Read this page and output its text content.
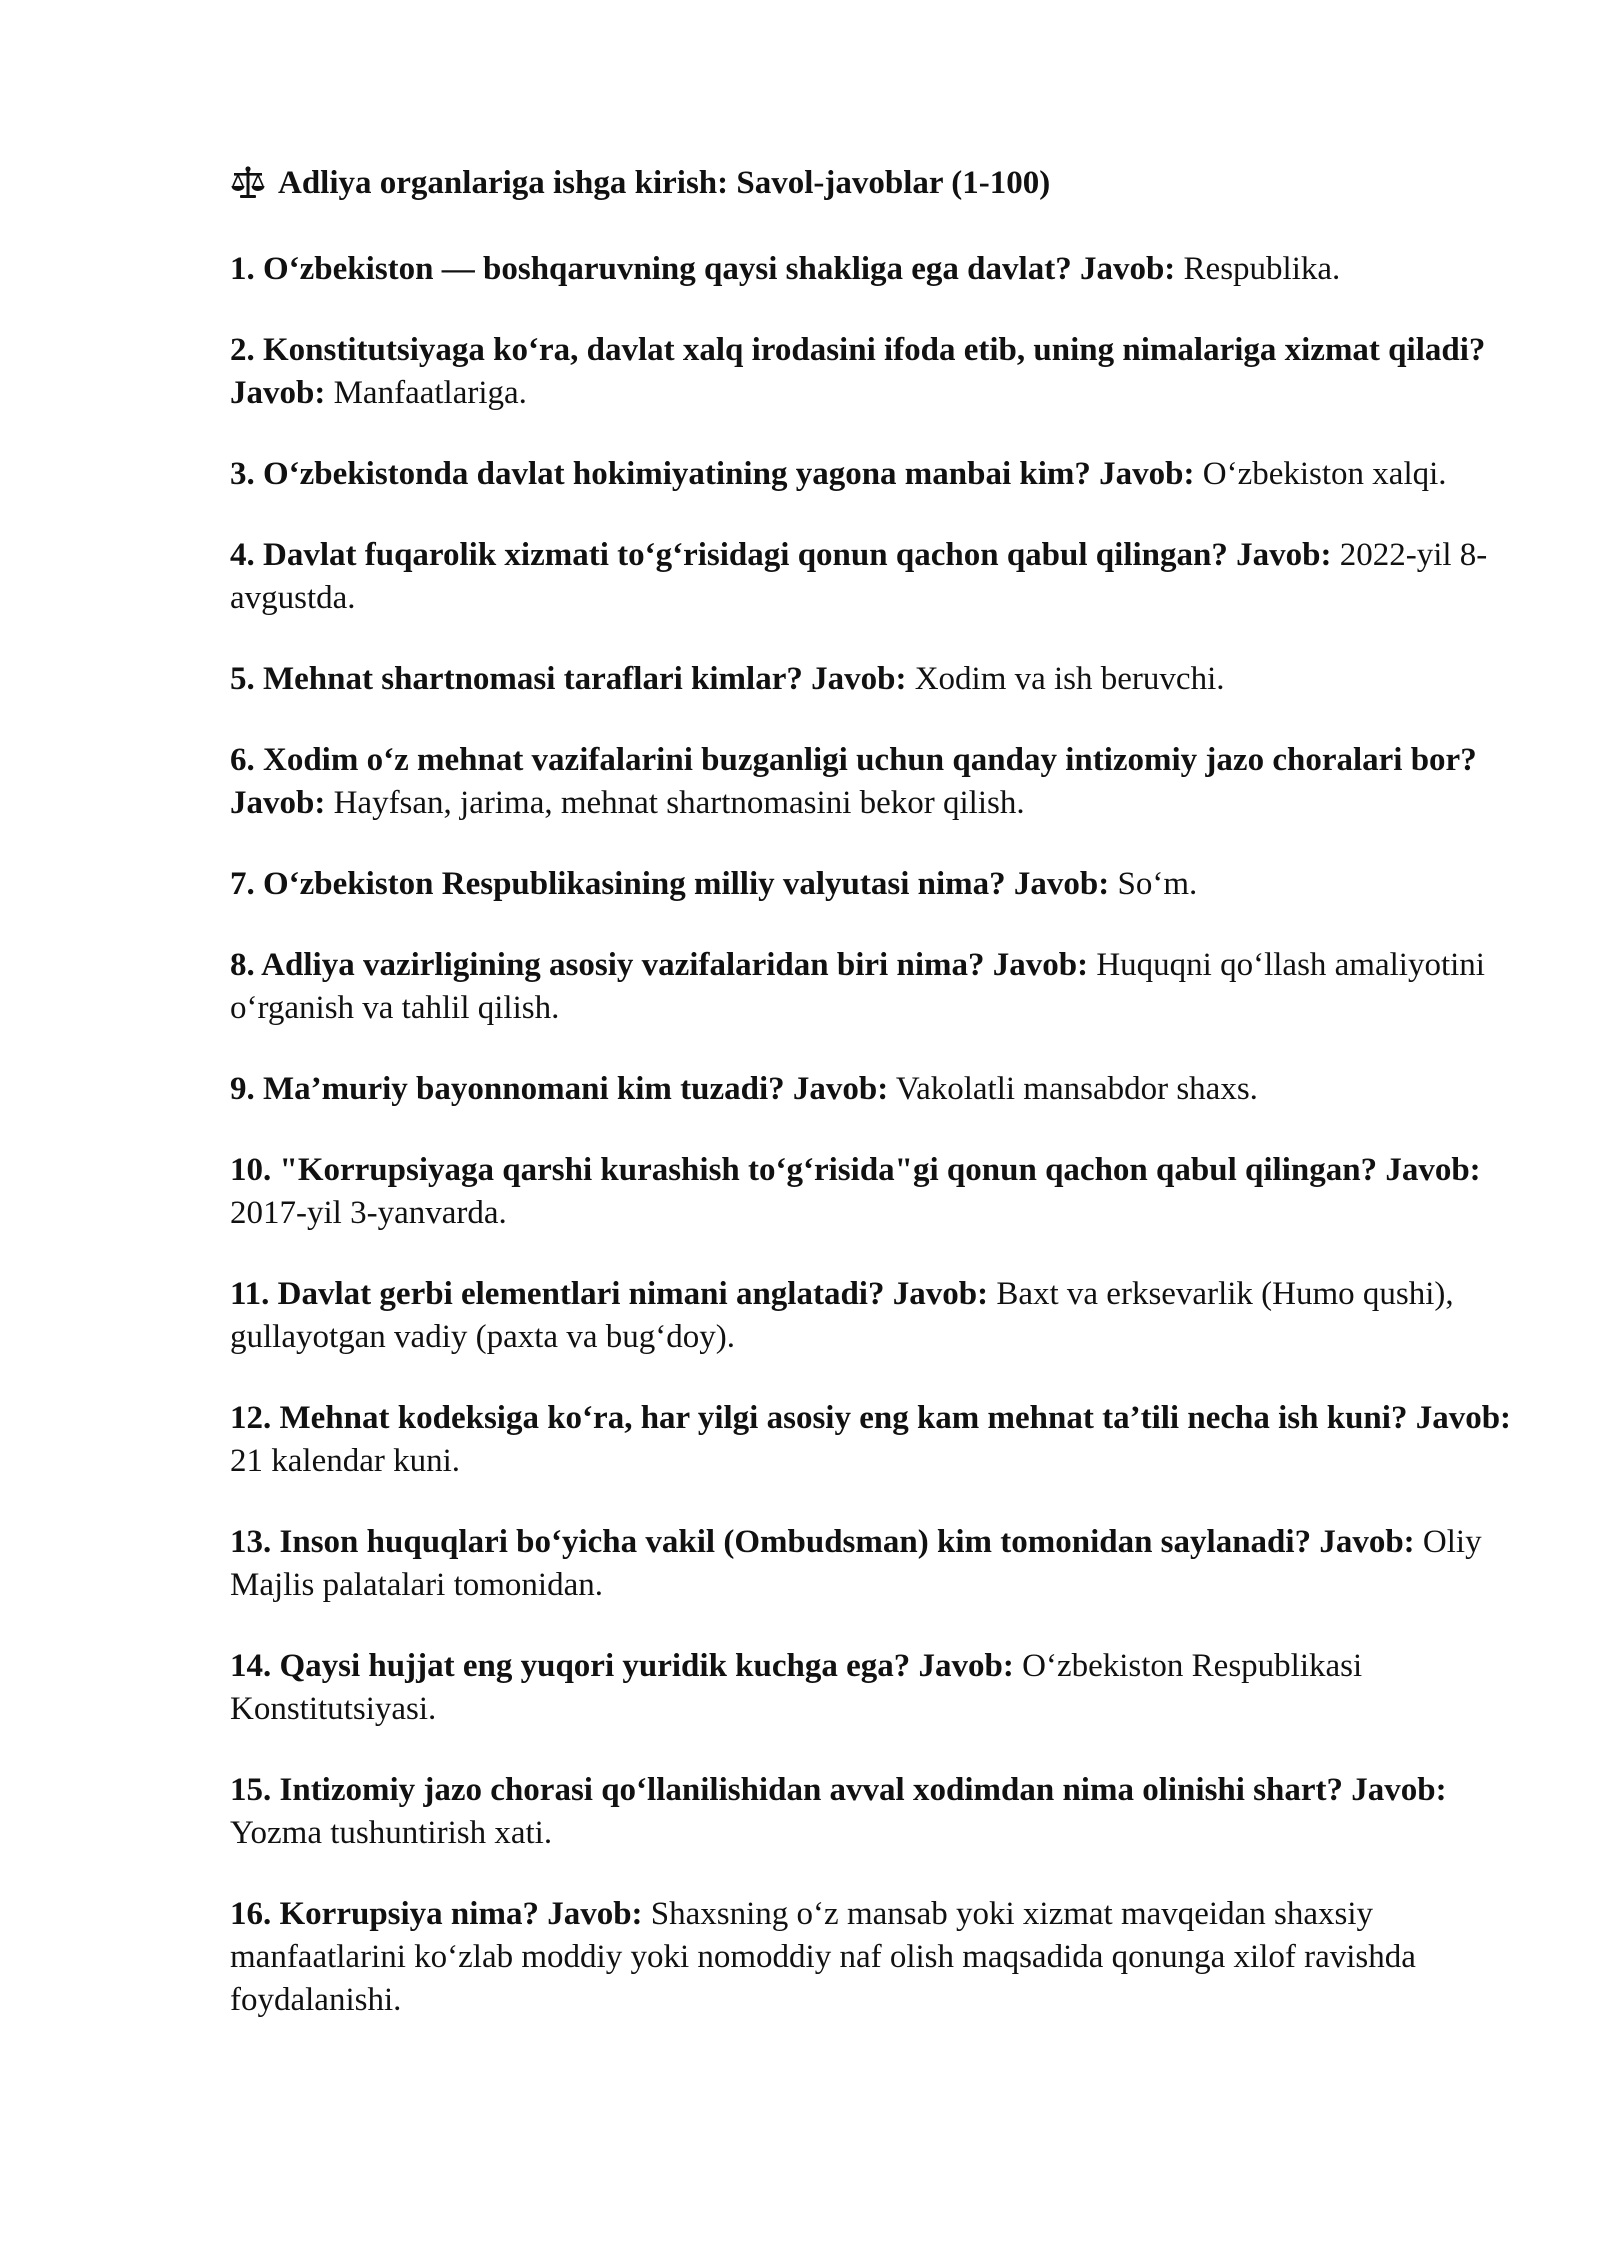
Adliya organlariga ishga kirish: Savol-javoblar (1-100)

1. O‘zbekiston — boshqaruvning qaysi shakliga ega davlat? Javob: Respublika.

2. Konstitutsiyaga ko‘ra, davlat xalq irodasini ifoda etib, uning nimalariga xizmat qiladi? Javob: Manfaatlariga.

3. O‘zbekistonda davlat hokimiyatining yagona manbai kim? Javob: O‘zbekiston xalqi.

4. Davlat fuqarolik xizmati to‘g‘risidagi qonun qachon qabul qilingan? Javob: 2022-yil 8-avgustda.

5. Mehnat shartnomasi taraflari kimlar? Javob: Xodim va ish beruvchi.

6. Xodim o‘z mehnat vazifalarini buzganligi uchun qanday intizomiy jazo choralari bor? Javob: Hayfsan, jarima, mehnat shartnomasini bekor qilish.

7. O‘zbekiston Respublikasining milliy valyutasi nima? Javob: So‘m.

8. Adliya vazirligining asosiy vazifalaridan biri nima? Javob: Huquqni qo‘llash amaliyotini o‘rganish va tahlil qilish.

9. Ma’muriy bayonnomani kim tuzadi? Javob: Vakolatli mansabdor shaxs.

10. "Korrupsiyaga qarshi kurashish to‘g‘risida"gi qonun qachon qabul qilingan? Javob: 2017-yil 3-yanvarda.

11. Davlat gerbi elementlari nimani anglatadi? Javob: Baxt va erksevarlik (Humo qushi), gullayotgan vadiy (paxta va bug‘doy).

12. Mehnat kodeksiga ko‘ra, har yilgi asosiy eng kam mehnat ta’tili necha ish kuni? Javob: 21 kalendar kuni.

13. Inson huquqlari bo‘yicha vakil (Ombudsman) kim tomonidan saylanadi? Javob: Oliy Majlis palatalari tomonidan.

14. Qaysi hujjat eng yuqori yuridik kuchga ega? Javob: O‘zbekiston Respublikasi Konstitutsiyasi.

15. Intizomiy jazo chorasi qo‘llanilishidan avval xodimdan nima olinishi shart? Javob: Yozma tushuntirish xati.

16. Korrupsiya nima? Javob: Shaxsning o‘z mansab yoki xizmat mavqeidan shaxsiy manfaatlarini ko‘zlab moddiy yoki nomoddiy naf olish maqsadida qonunga xilof ravishda foydalanishi.
